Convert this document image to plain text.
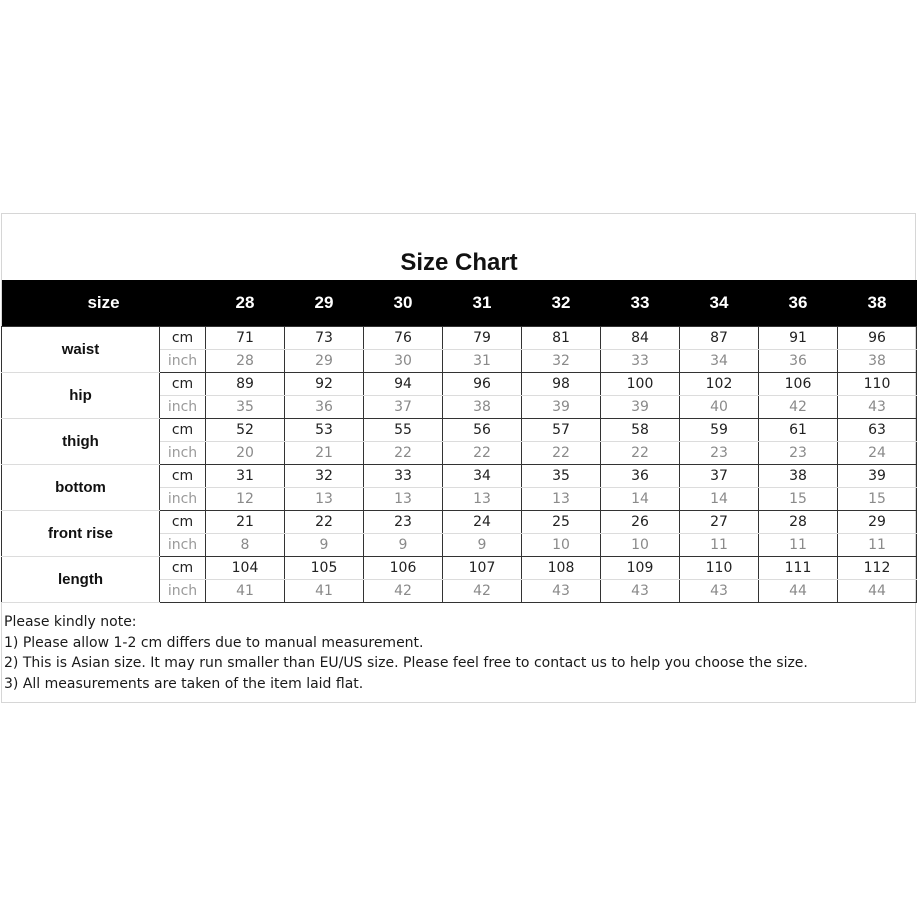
Size Chart
size		28	29	30	31	32	33	34	36	38
waist	cm	71	73	76	79	81	84	87	91	96
	inch	28	29	30	31	32	33	34	36	38
hip	cm	89	92	94	96	98	100	102	106	110
	inch	35	36	37	38	39	39	40	42	43
thigh	cm	52	53	55	56	57	58	59	61	63
	inch	20	21	22	22	22	22	23	23	24
bottom	cm	31	32	33	34	35	36	37	38	39
	inch	12	13	13	13	13	14	14	15	15
front rise	cm	21	22	23	24	25	26	27	28	29
	inch	8	9	9	9	10	10	11	11	11
length	cm	104	105	106	107	108	109	110	111	112
	inch	41	41	42	42	43	43	43	44	44
Please kindly note:
1) Please allow 1-2 cm differs due to manual measurement.
2) This is Asian size. It may run smaller than EU/US size. Please feel free to contact us to help you choose the size.
3) All measurements are taken of the item laid flat.
